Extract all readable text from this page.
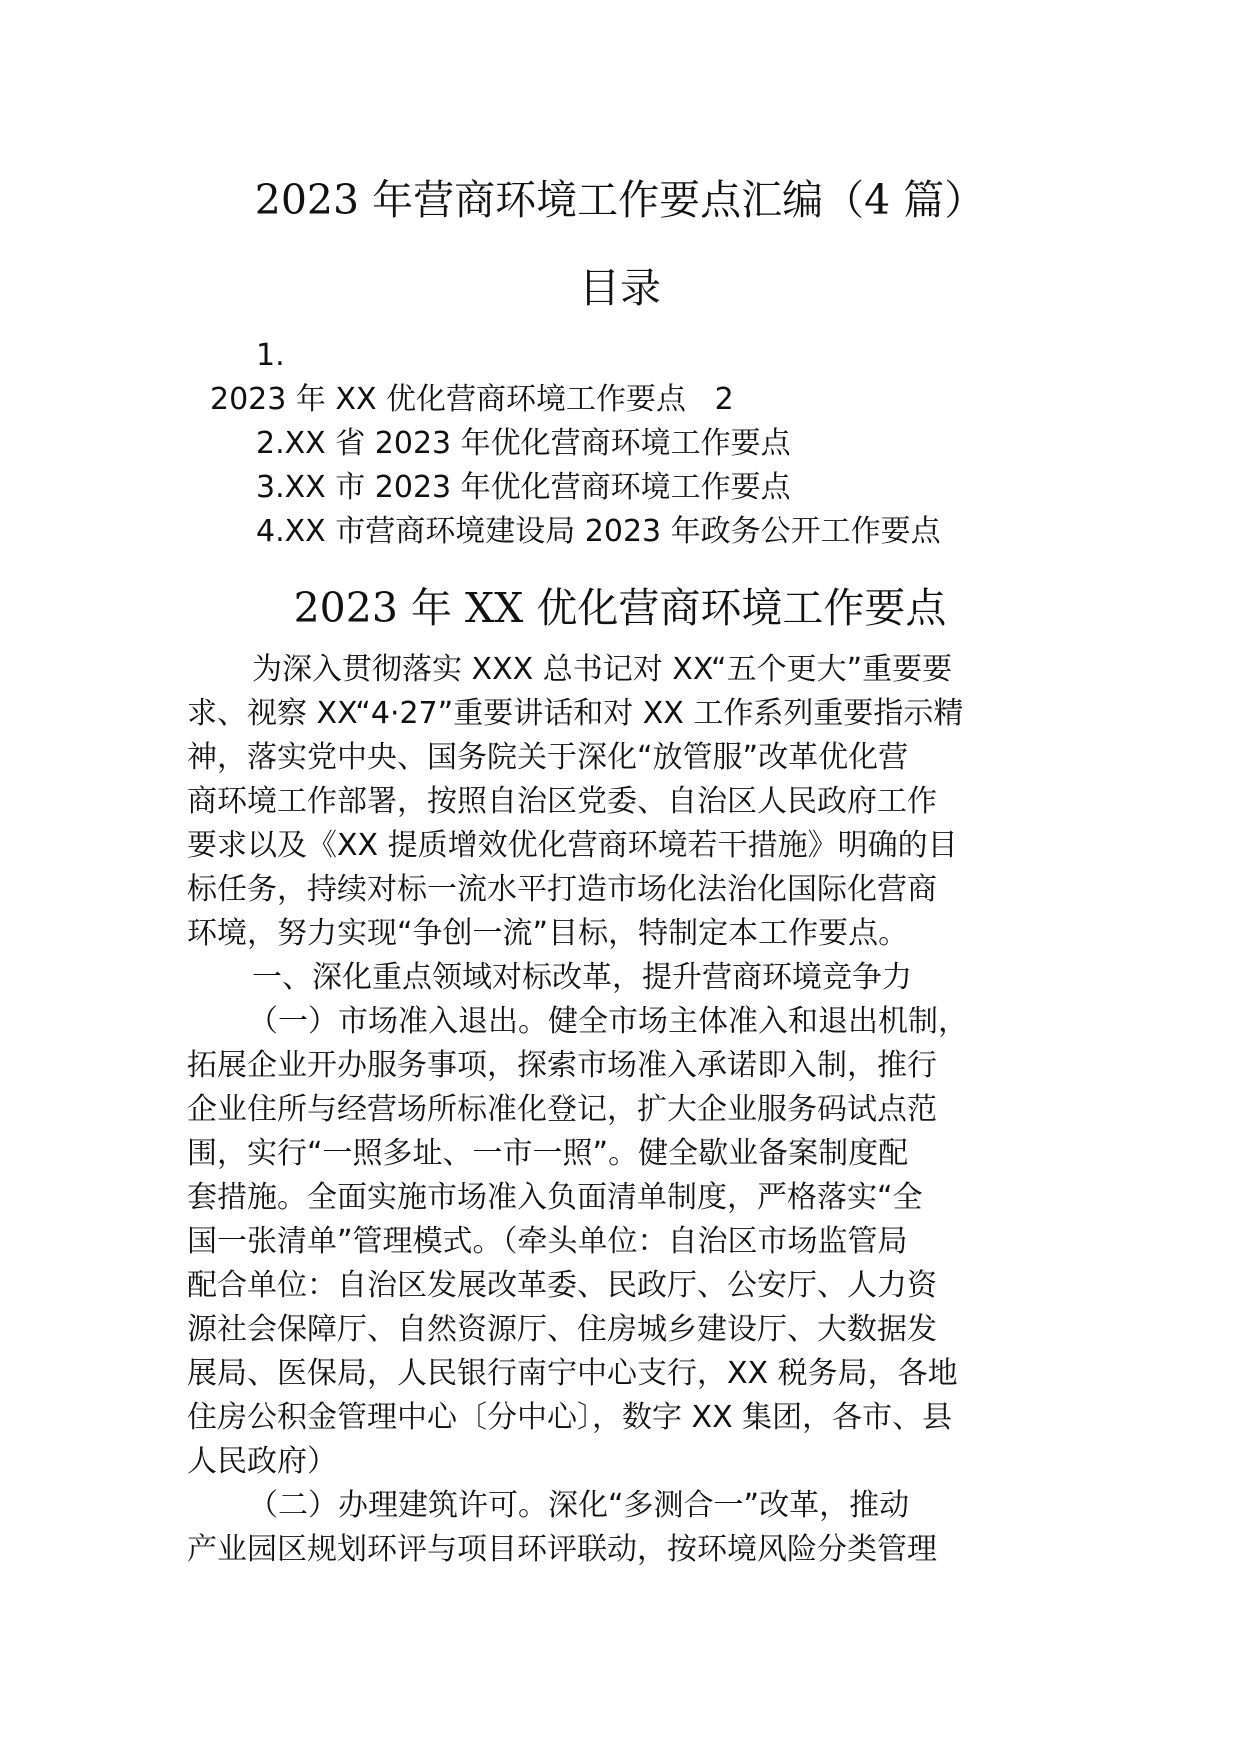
2023 年营商环境工作要点汇编（4 篇）
目录
1.
2023 年 XX 优化营商环境工作要点   2
2.XX 省 2023 年优化营商环境工作要点
3.XX 市 2023 年优化营商环境工作要点
4.XX 市营商环境建设局 2023 年政务公开工作要点
2023 年 XX 优化营商环境工作要点
为深入贯彻落实 XXX 总书记对 XX“五个更大”重要要
求、视察 XX“4·27”重要讲话和对 XX 工作系列重要指示精
神，落实党中央、国务院关于深化“放管服”改革优化营
商环境工作部署，按照自治区党委、自治区人民政府工作
要求以及《XX 提质增效优化营商环境若干措施》明确的目
标任务，持续对标一流水平打造市场化法治化国际化营商
环境，努力实现“争创一流”目标，特制定本工作要点。
一、深化重点领域对标改革，提升营商环境竞争力
（一）市场准入退出。健全市场主体准入和退出机制，
拓展企业开办服务事项，探索市场准入承诺即入制，推行
企业住所与经营场所标准化登记，扩大企业服务码试点范
围，实行“一照多址、一市一照”。健全歇业备案制度配
套措施。全面实施市场准入负面清单制度，严格落实“全
国一张清单”管理模式。（牵头单位：自治区市场监管局
配合单位：自治区发展改革委、民政厅、公安厅、人力资
源社会保障厅、自然资源厅、住房城乡建设厅、大数据发
展局、医保局，人民银行南宁中心支行，XX 税务局，各地
住房公积金管理中心〔分中心〕，数字 XX 集团，各市、县
人民政府）
（二）办理建筑许可。深化“多测合一”改革，推动
产业园区规划环评与项目环评联动，按环境风险分类管理
